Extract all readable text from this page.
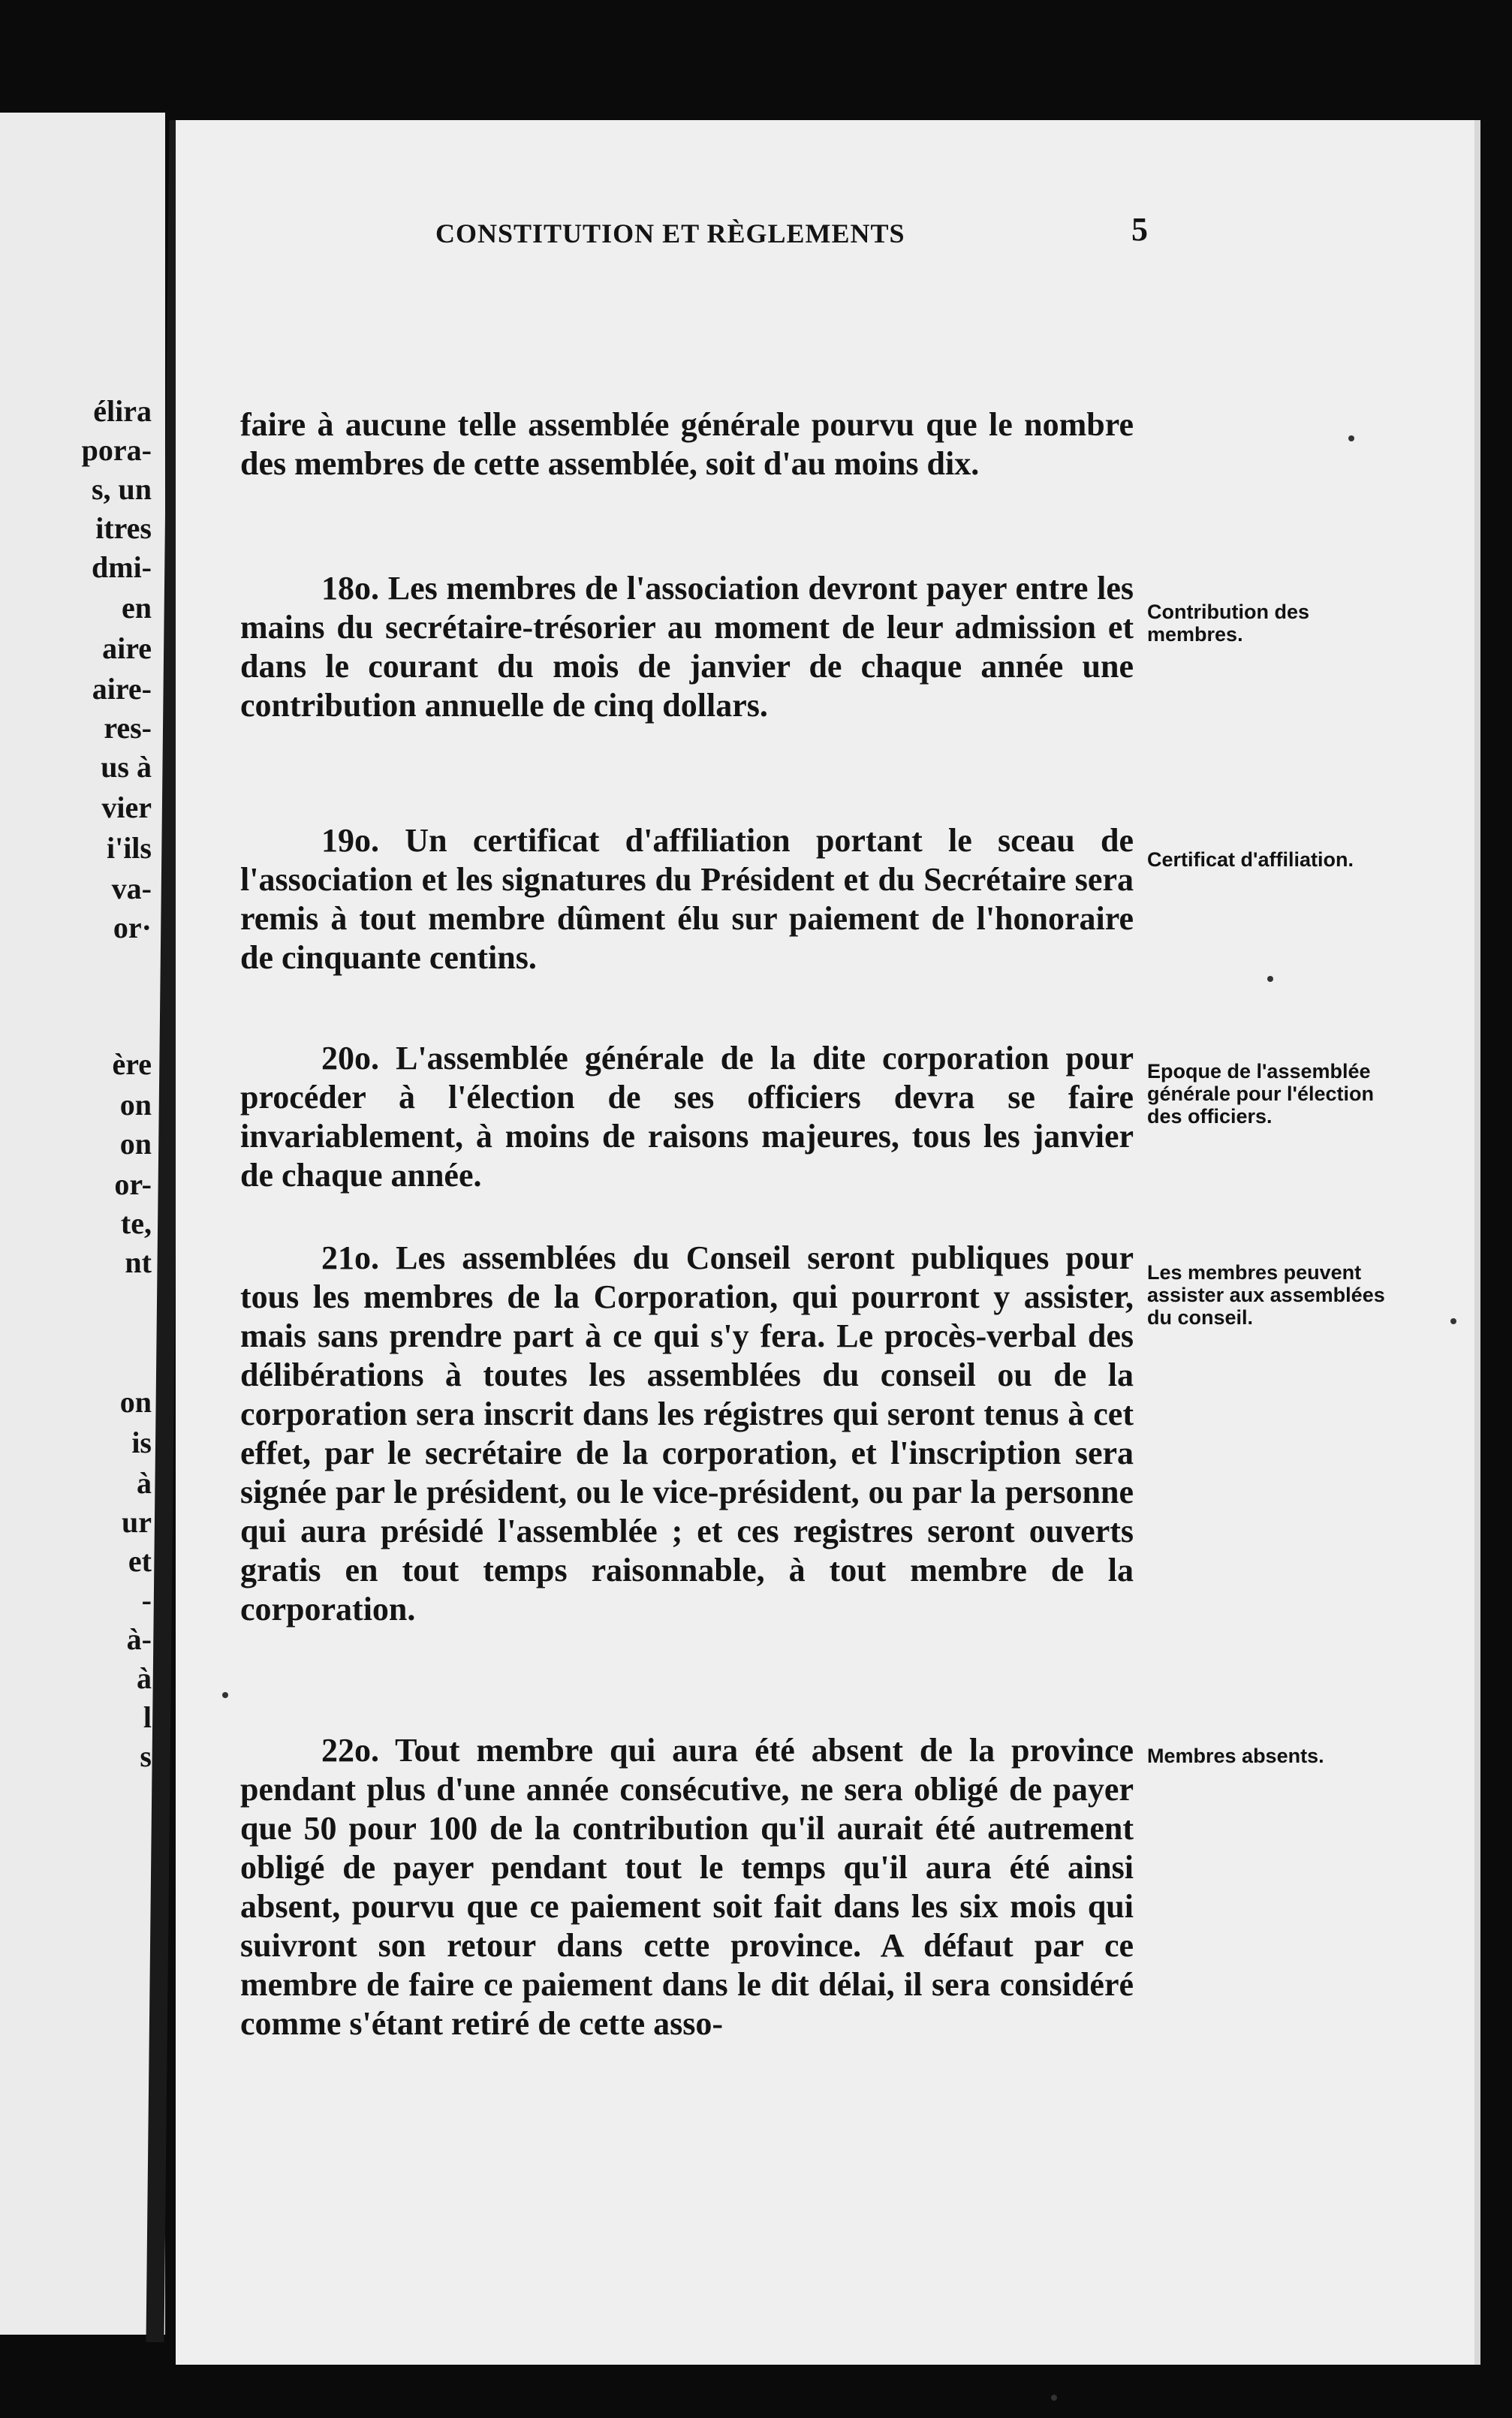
élira
pora-
s, un
itres
dmi-
en
aire
aire-
res-
us à
vier
i'ils
va-
or·
ère
on
on
or-
te,
nt
on
is
à
ur
et
-
à-
à
l
s
CONSTITUTION ET RÈGLEMENTS	5

faire à aucune telle assemblée générale pourvu que le nombre des membres de cette assemblée, soit d'au moins dix.

18o. Les membres de l'association devront payer entre les mains du secrétaire-trésorier au moment de leur admission et dans le courant du mois de janvier de chaque année une contribution annuelle de cinq dollars.

19o. Un certificat d'affiliation portant le sceau de l'association et les signatures du Président et du Secrétaire sera remis à tout membre dûment élu sur paiement de l'honoraire de cinquante centins.

20o. L'assemblée générale de la dite corporation pour procéder à l'élection de ses officiers devra se faire invariablement, à moins de raisons majeures, tous les janvier de chaque année.

21o. Les assemblées du Conseil seront publiques pour tous les membres de la Corporation, qui pourront y assister, mais sans prendre part à ce qui s'y fera. Le procès-verbal des délibérations à toutes les assemblées du conseil ou de la corporation sera inscrit dans les régistres qui seront tenus à cet effet, par le secrétaire de la corporation, et l'inscription sera signée par le président, ou le vice-président, ou par la personne qui aura présidé l'assemblée ; et ces registres seront ouverts gratis en tout temps raisonnable, à tout membre de la corporation.

22o. Tout membre qui aura été absent de la province pendant plus d'une année consécutive, ne sera obligé de payer que 50 pour 100 de la contribution qu'il aurait été autrement obligé de payer pendant tout le temps qu'il aura été ainsi absent, pourvu que ce paiement soit fait dans les six mois qui suivront son retour dans cette province. A défaut par ce membre de faire ce paiement dans le dit délai, il sera considéré comme s'étant retiré de cette asso-

Contribution des membres.
Certificat d'affiliation.
Epoque de l'assemblée générale pour l'élection des officiers.
Les membres peuvent assister aux assemblées du conseil.
Membres absents.
